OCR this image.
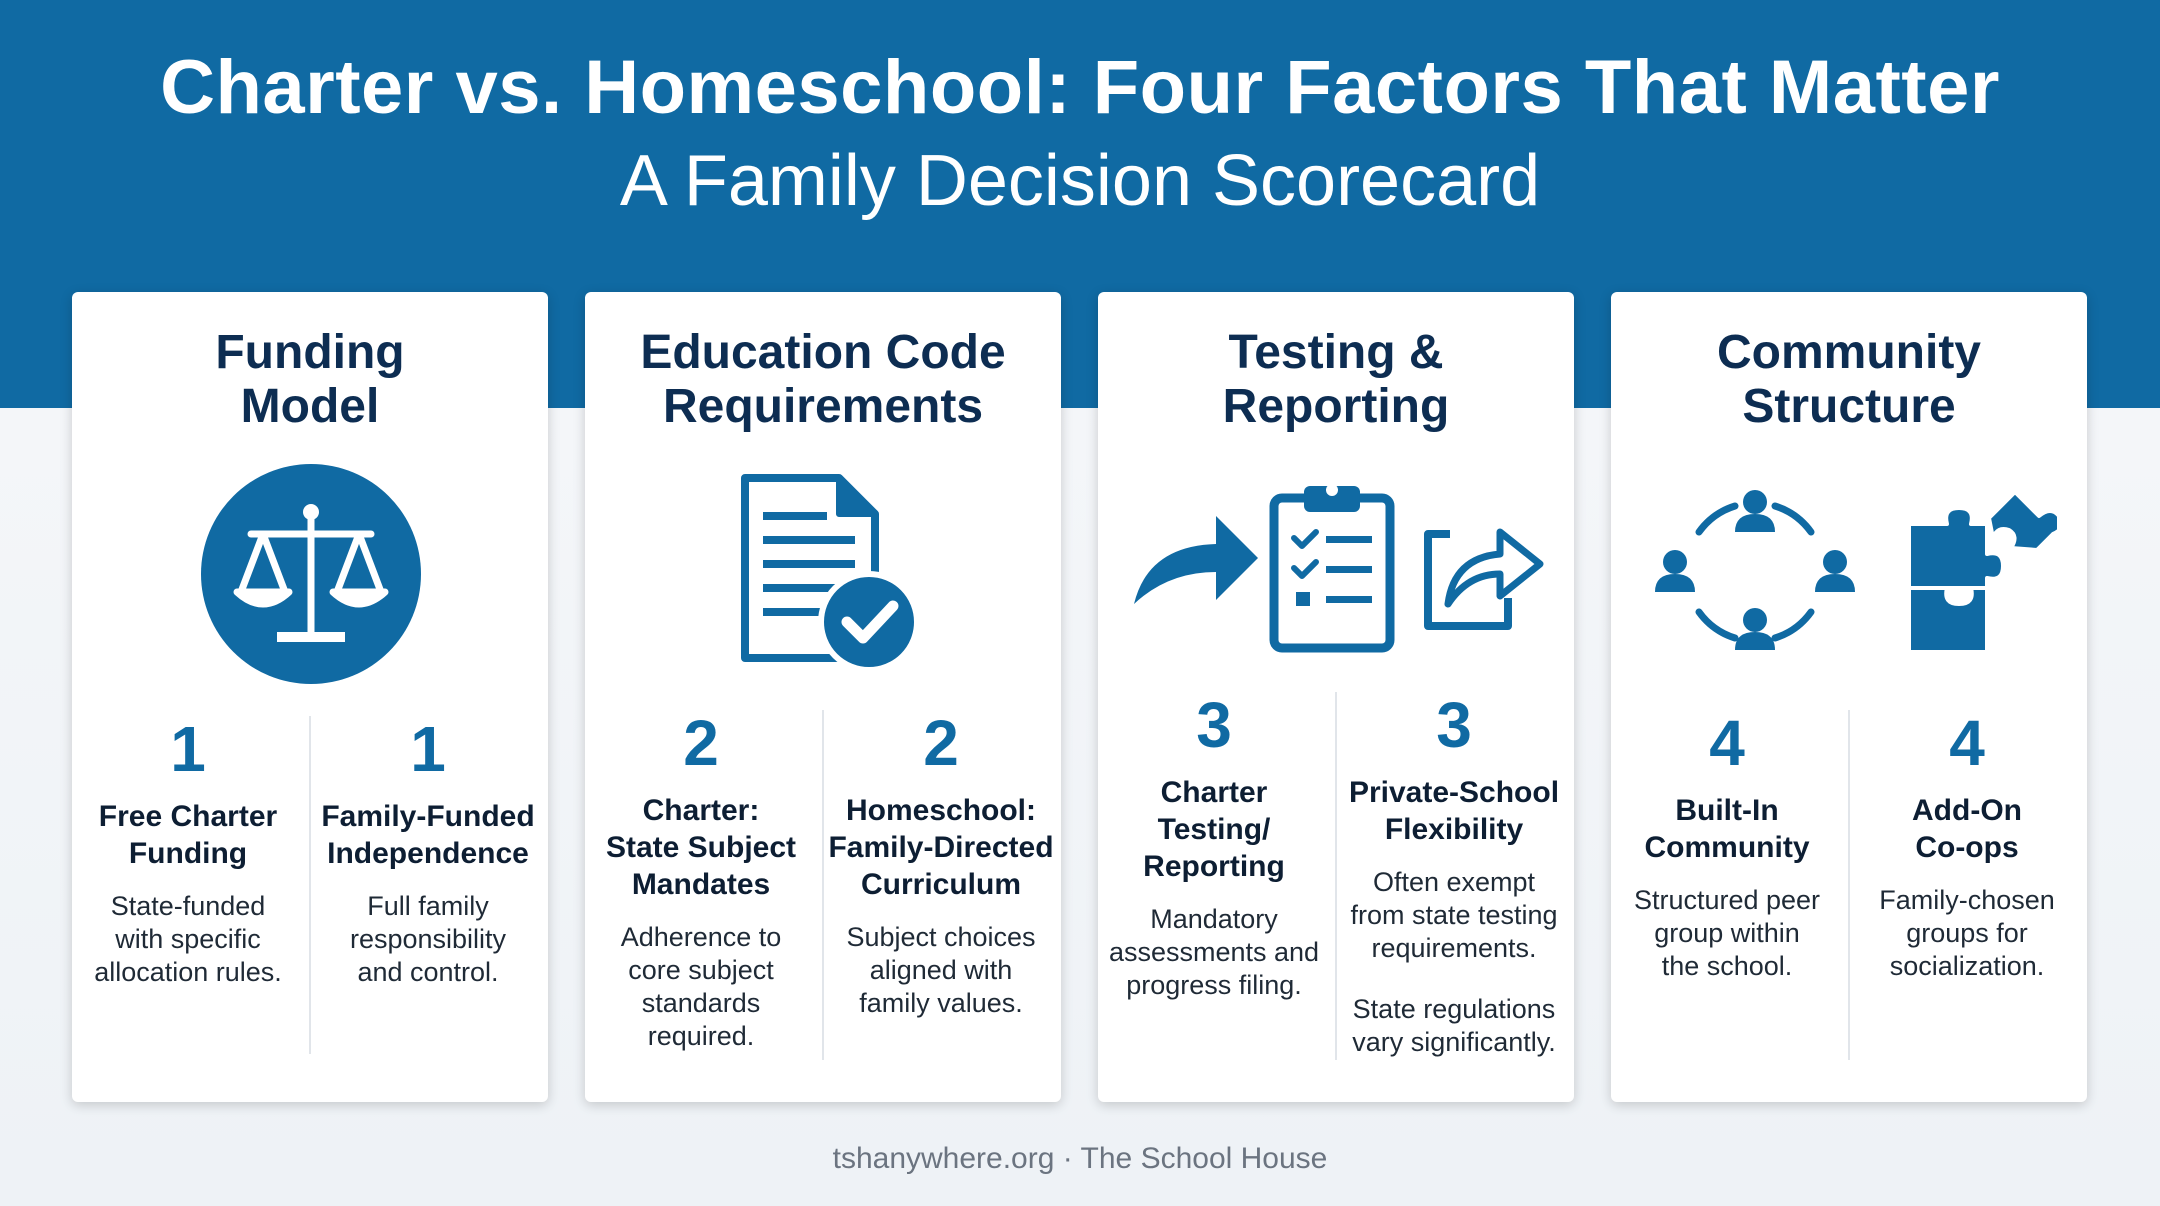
Charter vs. Homeschool: Four Factors That Matter
A Family Decision Scorecard
Funding
Model
1
Free Charter
Funding
State-funded
with specific
allocation rules.
1
Family-Funded
Independence
Full family
responsibility
and control.
Education Code
Requirements
2
Charter:
State Subject
Mandates
Adherence to
core subject
standards
required.
2
Homeschool:
Family-Directed
Curriculum
Subject choices
aligned with
family values.
Testing &
Reporting
3
Charter
Testing/
Reporting
Mandatory
assessments and
progress filing.
3
Private-School
Flexibility
Often exempt
from state testing
requirements.
State regulations
vary significantly.
Community
Structure
4
Built-In
Community
Structured peer
group within
the school.
4
Add-On
Co-ops
Family-chosen
groups for
socialization.
tshanywhere.org · The School House
